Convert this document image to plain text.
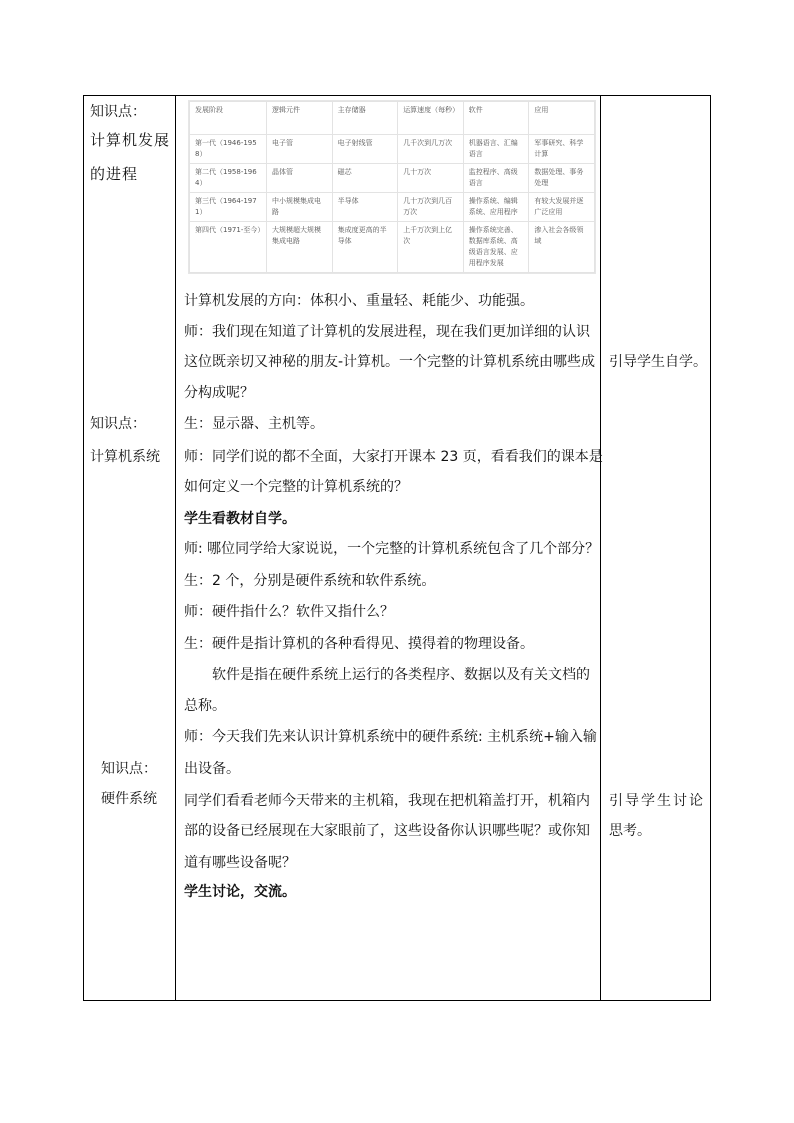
知识点：
计算机发展
的进程
知识点：
计算机系统
知识点：
硬件系统
发展阶段	逻辑元件	主存储器	运算速度（每秒）	软件	应用
第一代（1946-1958）	电子管	电子射线管	几千次到几万次	机器语言、汇编语言	军事研究、科学计算
第二代（1958-1964）	晶体管	磁芯	几十万次	监控程序、高级语言	数据处理、事务处理
第三代（1964-1971）	中小规模集成电路	半导体	几十万次到几百万次	操作系统、编辑系统、应用程序	有较大发展并逐广泛应用
第四代（1971-至今）	大规模超大规模集成电路	集成度更高的半导体	上千万次到上亿次	操作系统完善、数据库系统、高级语言发展、应用程序发展	渗入社会各级领域
计算机发展的方向：体积小、重量轻、耗能少、功能强。
师：我们现在知道了计算机的发展进程，现在我们更加详细的认识
这位既亲切又神秘的朋友-计算机。一个完整的计算机系统由哪些成
分构成呢？
生：显示器、主机等。
师：同学们说的都不全面，大家打开课本 23 页，看看我们的课本是
如何定义一个完整的计算机系统的？
学生看教材自学。
师: 哪位同学给大家说说，一个完整的计算机系统包含了几个部分？
生：2 个，分别是硬件系统和软件系统。
师：硬件指什么？软件又指什么？
生：硬件是指计算机的各种看得见、摸得着的物理设备。
软件是指在硬件系统上运行的各类程序、数据以及有关文档的
总称。
师：今天我们先来认识计算机系统中的硬件系统: 主机系统+输入输
出设备。
同学们看看老师今天带来的主机箱，我现在把机箱盖打开，机箱内
部的设备已经展现在大家眼前了，这些设备你认识哪些呢？或你知
道有哪些设备呢？
学生讨论，交流。
引导学生自学。
引导学生讨论
思考。
